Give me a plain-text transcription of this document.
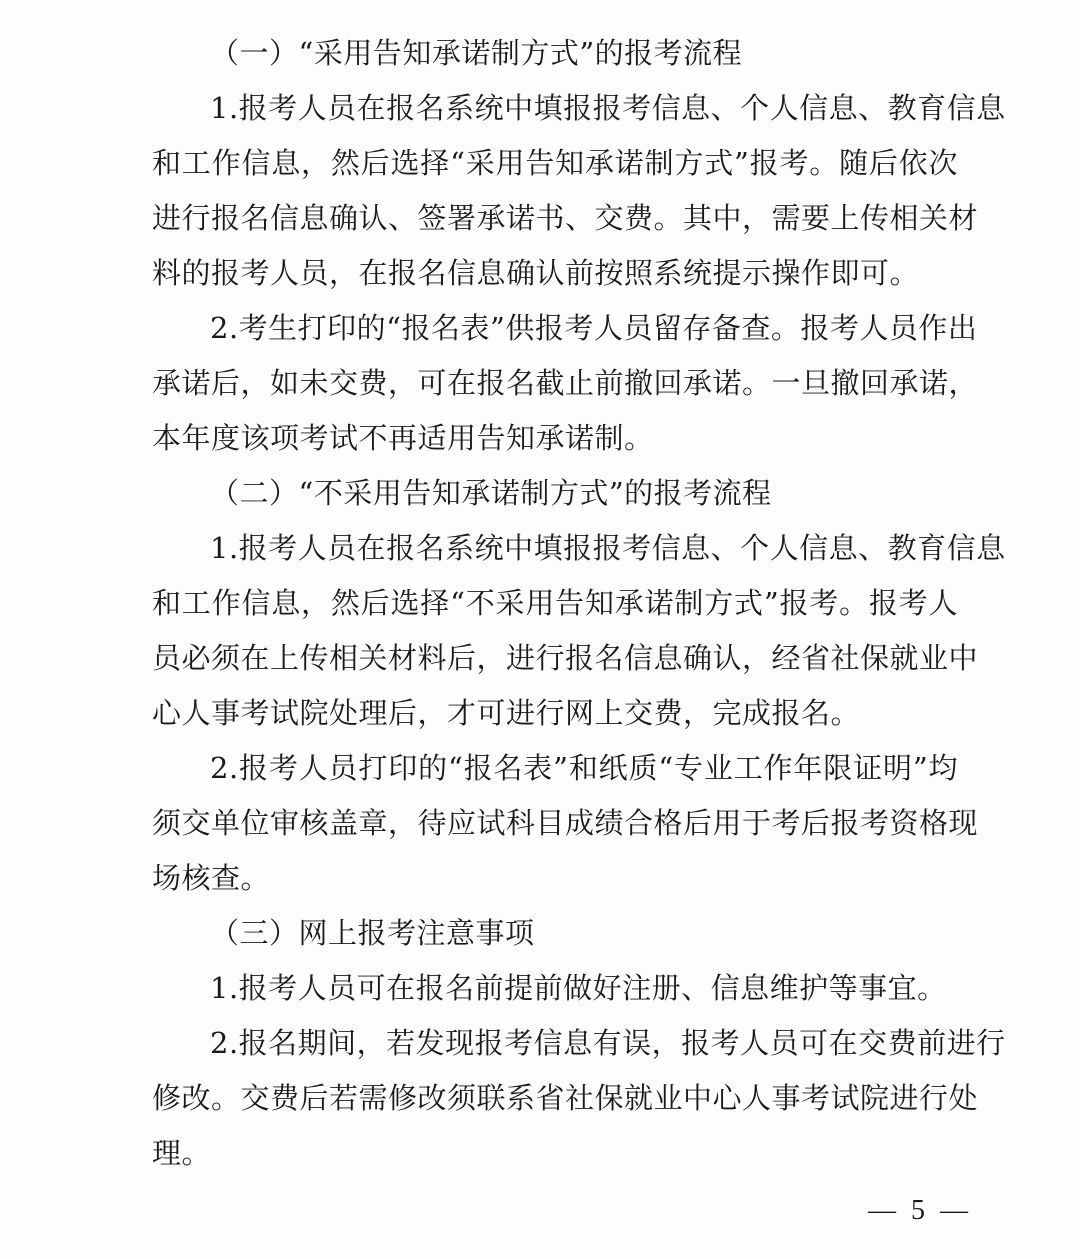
（一）“采用告知承诺制方式”的报考流程
1.报考人员在报名系统中填报报考信息、个人信息、教育信息
和工作信息，然后选择“采用告知承诺制方式”报考。随后依次
进行报名信息确认、签署承诺书、交费。其中，需要上传相关材
料的报考人员，在报名信息确认前按照系统提示操作即可。
2.考生打印的“报名表”供报考人员留存备查。报考人员作出
承诺后，如未交费，可在报名截止前撤回承诺。一旦撤回承诺，
本年度该项考试不再适用告知承诺制。
（二）“不采用告知承诺制方式”的报考流程
1.报考人员在报名系统中填报报考信息、个人信息、教育信息
和工作信息，然后选择“不采用告知承诺制方式”报考。报考人
员必须在上传相关材料后，进行报名信息确认，经省社保就业中
心人事考试院处理后，才可进行网上交费，完成报名。
2.报考人员打印的“报名表”和纸质“专业工作年限证明”均
须交单位审核盖章，待应试科目成绩合格后用于考后报考资格现
场核查。
（三）网上报考注意事项
1.报考人员可在报名前提前做好注册、信息维护等事宜。
2.报名期间，若发现报考信息有误，报考人员可在交费前进行
修改。交费后若需修改须联系省社保就业中心人事考试院进行处
理。
— 5 —
